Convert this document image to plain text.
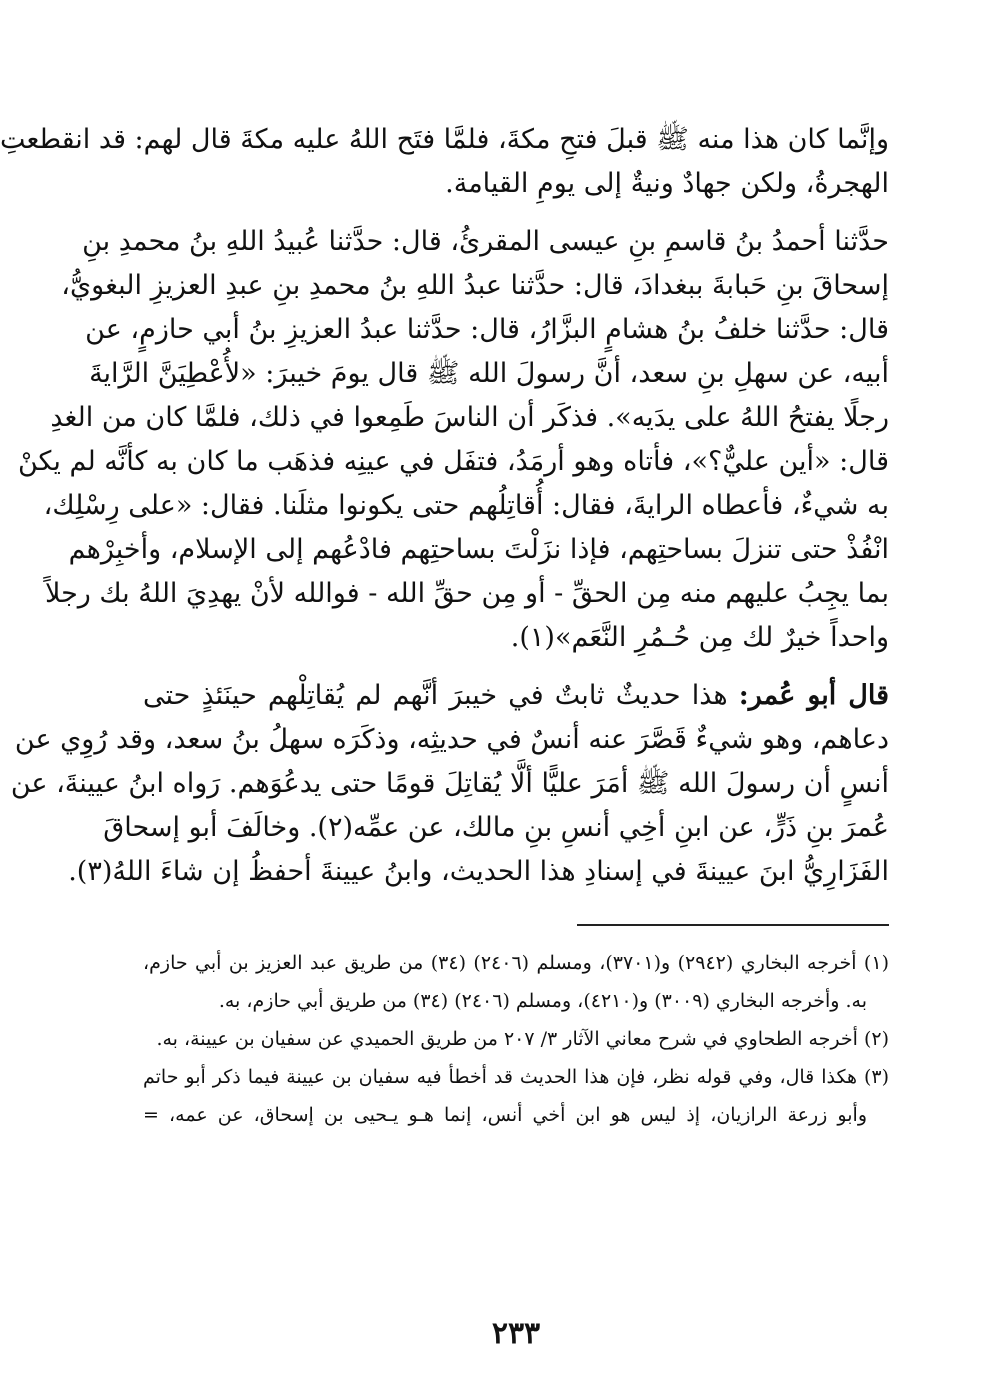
وإنَّما كان هذا منه ﷺ قبلَ فتحِ مكةَ، فلمَّا فتَح اللهُ عليه مكةَ قال لهم: قد انقطعتِ
الهجرةُ، ولكن جهادٌ ونيةٌ إلى يومِ القيامة.

حدَّثنا أحمدُ بنُ قاسمِ بنِ عيسى المقرئُ، قال: حدَّثنا عُبيدُ اللهِ بنُ محمدِ بنِ
إسحاقَ بنِ حَبابةَ ببغدادَ، قال: حدَّثنا عبدُ اللهِ بنُ محمدِ بنِ عبدِ العزيزِ البغويُّ،
قال: حدَّثنا خلفُ بنُ هشامٍ البزَّارُ، قال: حدَّثنا عبدُ العزيزِ بنُ أبي حازمٍ، عن
أبيه، عن سهلِ بنِ سعد، أنَّ رسولَ الله ﷺ قال يومَ خيبرَ: «لأُعْطِيَنَّ الرَّايةَ
رجلًا يفتحُ اللهُ على يدَيه». فذكَر أن الناسَ طَمِعوا في ذلك، فلمَّا كان من الغدِ
قال: «أين عليٌّ؟»، فأتاه وهو أرمَدُ، فتفَل في عينِه فذهَب ما كان به كأنَّه لم يكنْ
به شيءٌ، فأعطاه الرايةَ، فقال: أُقاتِلُهم حتى يكونوا مثلَنا. فقال: «على رِسْلِك،
انْفُذْ حتى تنزلَ بساحتِهم، فإذا نزَلْتَ بساحتِهم فادْعُهم إلى الإسلام، وأخبِرْهم
بما يجِبُ عليهم منه مِن الحقِّ - أو مِن حقِّ الله - فوالله لأنْ يهدِيَ اللهُ بك رجلاً
واحداً خيرٌ لك مِن حُـمُرِ النَّعَم»(١).

قال أبو عُمر: هذا حديثٌ ثابتٌ في خيبرَ أنَّهم لم يُقاتِلْهم حينَئذٍ حتى
دعاهم، وهو شيءٌ قَصَّرَ عنه أنسٌ في حديثِه، وذكَرَه سهلُ بنُ سعد، وقد رُوِي عن
أنسٍ أن رسولَ الله ﷺ أمَرَ عليًّا ألَّا يُقاتِلَ قومًا حتى يدعُوَهم. رَواه ابنُ عيينةَ، عن
عُمرَ بنِ ذَرٍّ، عن ابنِ أخِي أنسِ بنِ مالك، عن عمِّه(٢). وخالَفَ أبو إسحاقَ
الفَزَارِيُّ ابنَ عيينةَ في إسنادِ هذا الحديث، وابنُ عيينةَ أحفظُ إن شاءَ اللهُ(٣).

(١) أخرجه البخاري (٢٩٤٢) و(٣٧٠١)، ومسلم (٢٤٠٦) (٣٤) من طريق عبد العزيز بن أبي حازم،
به. وأخرجه البخاري (٣٠٠٩) و(٤٢١٠)، ومسلم (٢٤٠٦) (٣٤) من طريق أبي حازم، به.
(٢) أخرجه الطحاوي في شرح معاني الآثار ٣/ ٢٠٧ من طريق الحميدي عن سفيان بن عيينة، به.
(٣) هكذا قال، وفي قوله نظر، فإن هذا الحديث قد أخطأ فيه سفيان بن عيينة فيما ذكر أبو حاتم
وأبو زرعة الرازيان، إذ ليس هو ابن أخي أنس، إنما هـو يـحيى بن إسحاق، عن عمه، =
٢٣٣
